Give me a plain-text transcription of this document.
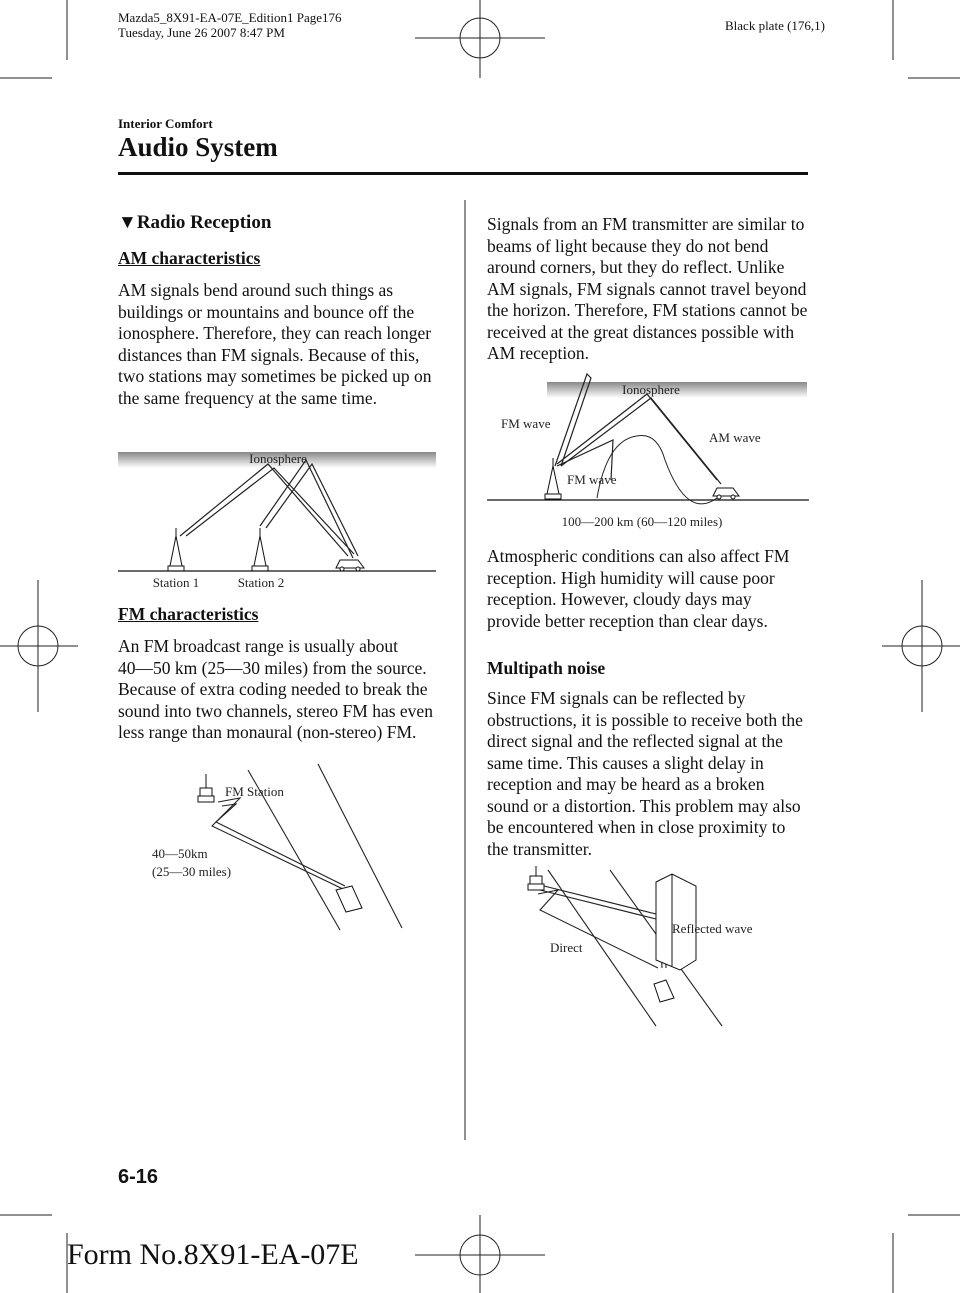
Mazda5_8X91-EA-07E_Edition1 Page176
Tuesday, June 26 2007 8:47 PM	Black plate (176,1)
Interior Comfort
Audio System
▼Radio Reception
AM characteristics
AM signals bend around such things as buildings or mountains and bounce off the ionosphere. Therefore, they can reach longer distances than FM signals. Because of this, two stations may sometimes be picked up on the same frequency at the same time.
Ionosphere
Station 1	Station 2
FM characteristics
An FM broadcast range is usually about 40―50 km (25―30 miles) from the source. Because of extra coding needed to break the sound into two channels, stereo FM has even less range than monaural (non-stereo) FM.
FM Station
40―50km
(25―30 miles)
Signals from an FM transmitter are similar to beams of light because they do not bend around corners, but they do reflect. Unlike AM signals, FM signals cannot travel beyond the horizon. Therefore, FM stations cannot be received at the great distances possible with AM reception.
Ionosphere
FM wave
FM wave
AM wave
100―200 km (60―120 miles)
Atmospheric conditions can also affect FM reception. High humidity will cause poor reception. However, cloudy days may provide better reception than clear days.
Multipath noise
Since FM signals can be reflected by obstructions, it is possible to receive both the direct signal and the reflected signal at the same time. This causes a slight delay in reception and may be heard as a broken sound or a distortion. This problem may also be encountered when in close proximity to the transmitter.
Direct
Reflected wave
6-16
Form No.8X91-EA-07E
